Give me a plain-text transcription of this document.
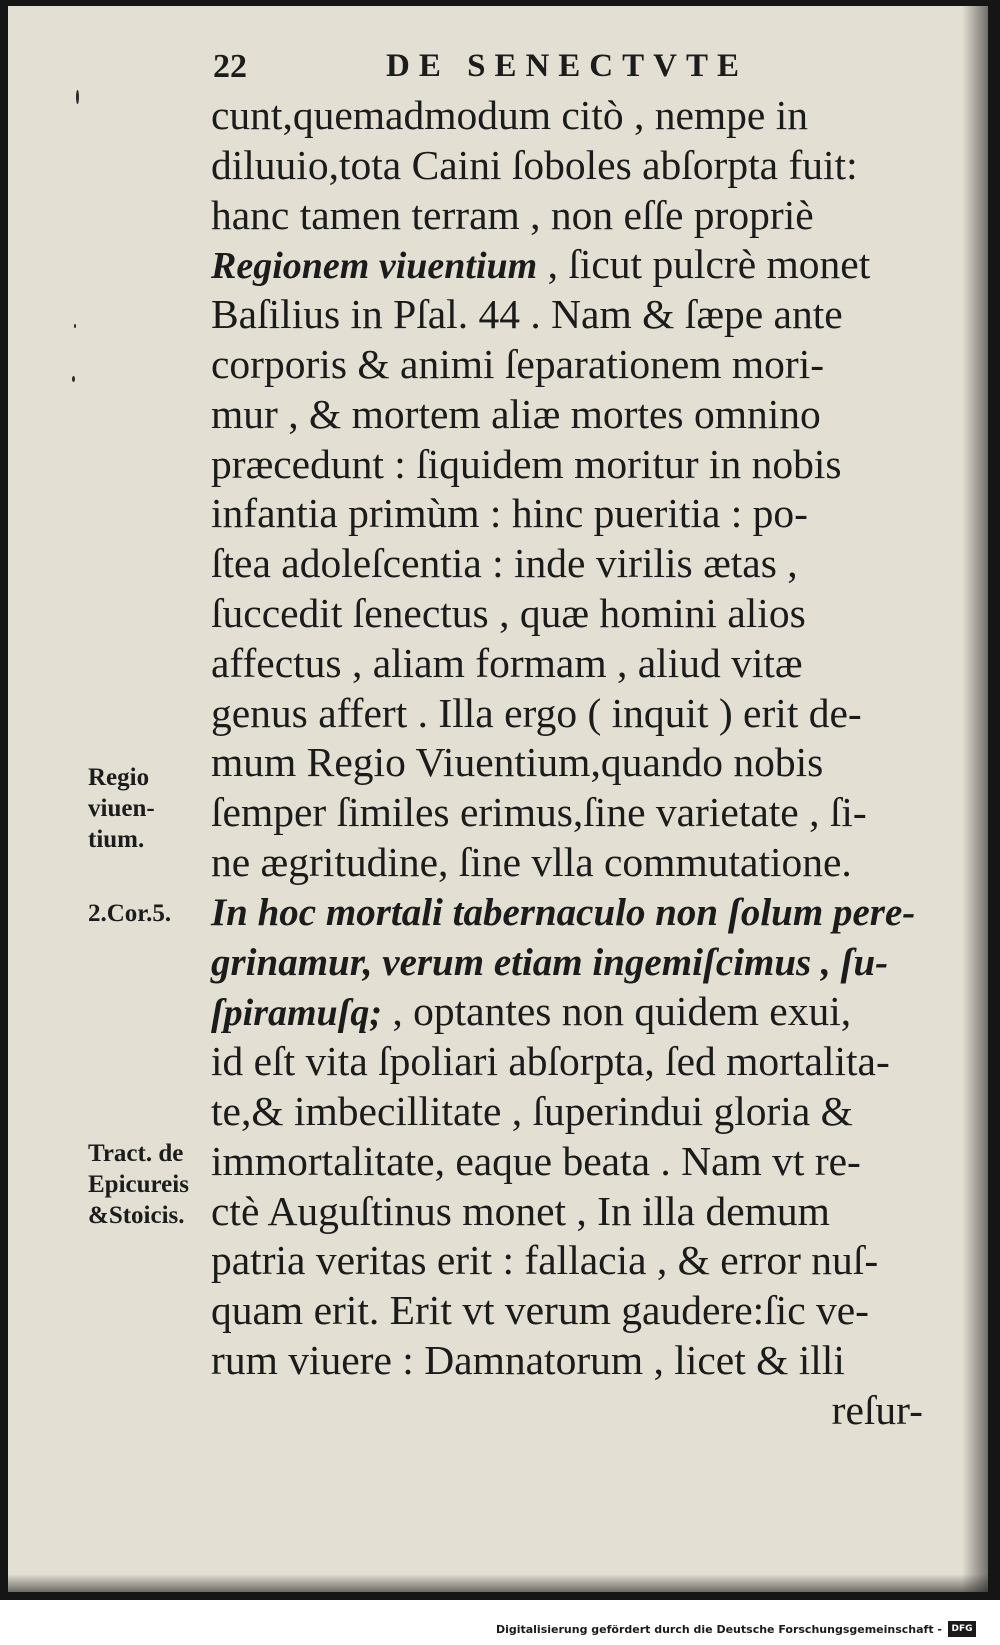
22	DE SENECTVTE
cunt,quemadmodum citò , nempe in
diluuio,tota Caini ſoboles abſorpta fuit:
hanc tamen terram , non eſſe propriè
Regionem viuentium , ſicut pulcrè monet
Baſilius in Pſal. 44 . Nam & ſæpe ante
corporis & animi ſeparationem mori-
mur , & mortem aliæ mortes omnino
præcedunt : ſiquidem moritur in nobis
infantia primùm : hinc pueritia : po-
ſtea adoleſcentia : inde virilis ætas ,
ſuccedit ſenectus , quæ homini alios
affectus , aliam formam , aliud vitæ
genus affert . Illa ergo ( inquit ) erit de-
mum Regio Viuentium,quando nobis
ſemper ſimiles erimus,ſine varietate , ſi-
ne ægritudine, ſine vlla commutatione.
In hoc mortali tabernaculo non ſolum pere-
grinamur, verum etiam ingemiſcimus , ſu-
ſpiramuſq; , optantes non quidem exui,
id eſt vita ſpoliari abſorpta, ſed mortalita-
te,& imbecillitate , ſuperindui gloria &
immortalitate, eaque beata . Nam vt re-
ctè Auguſtinus monet , In illa demum
patria veritas erit : fallacia , & error nuſ-
quam erit. Erit vt verum gaudere:ſic ve-
rum viuere : Damnatorum , licet & illi
reſur-
Regio
viuen-
tium.
2.Cor.5.
Tract. de
Epicureis
&Stoicis.
Digitalisierung gefördert durch die Deutsche Forschungsgemeinschaft -	DFG
